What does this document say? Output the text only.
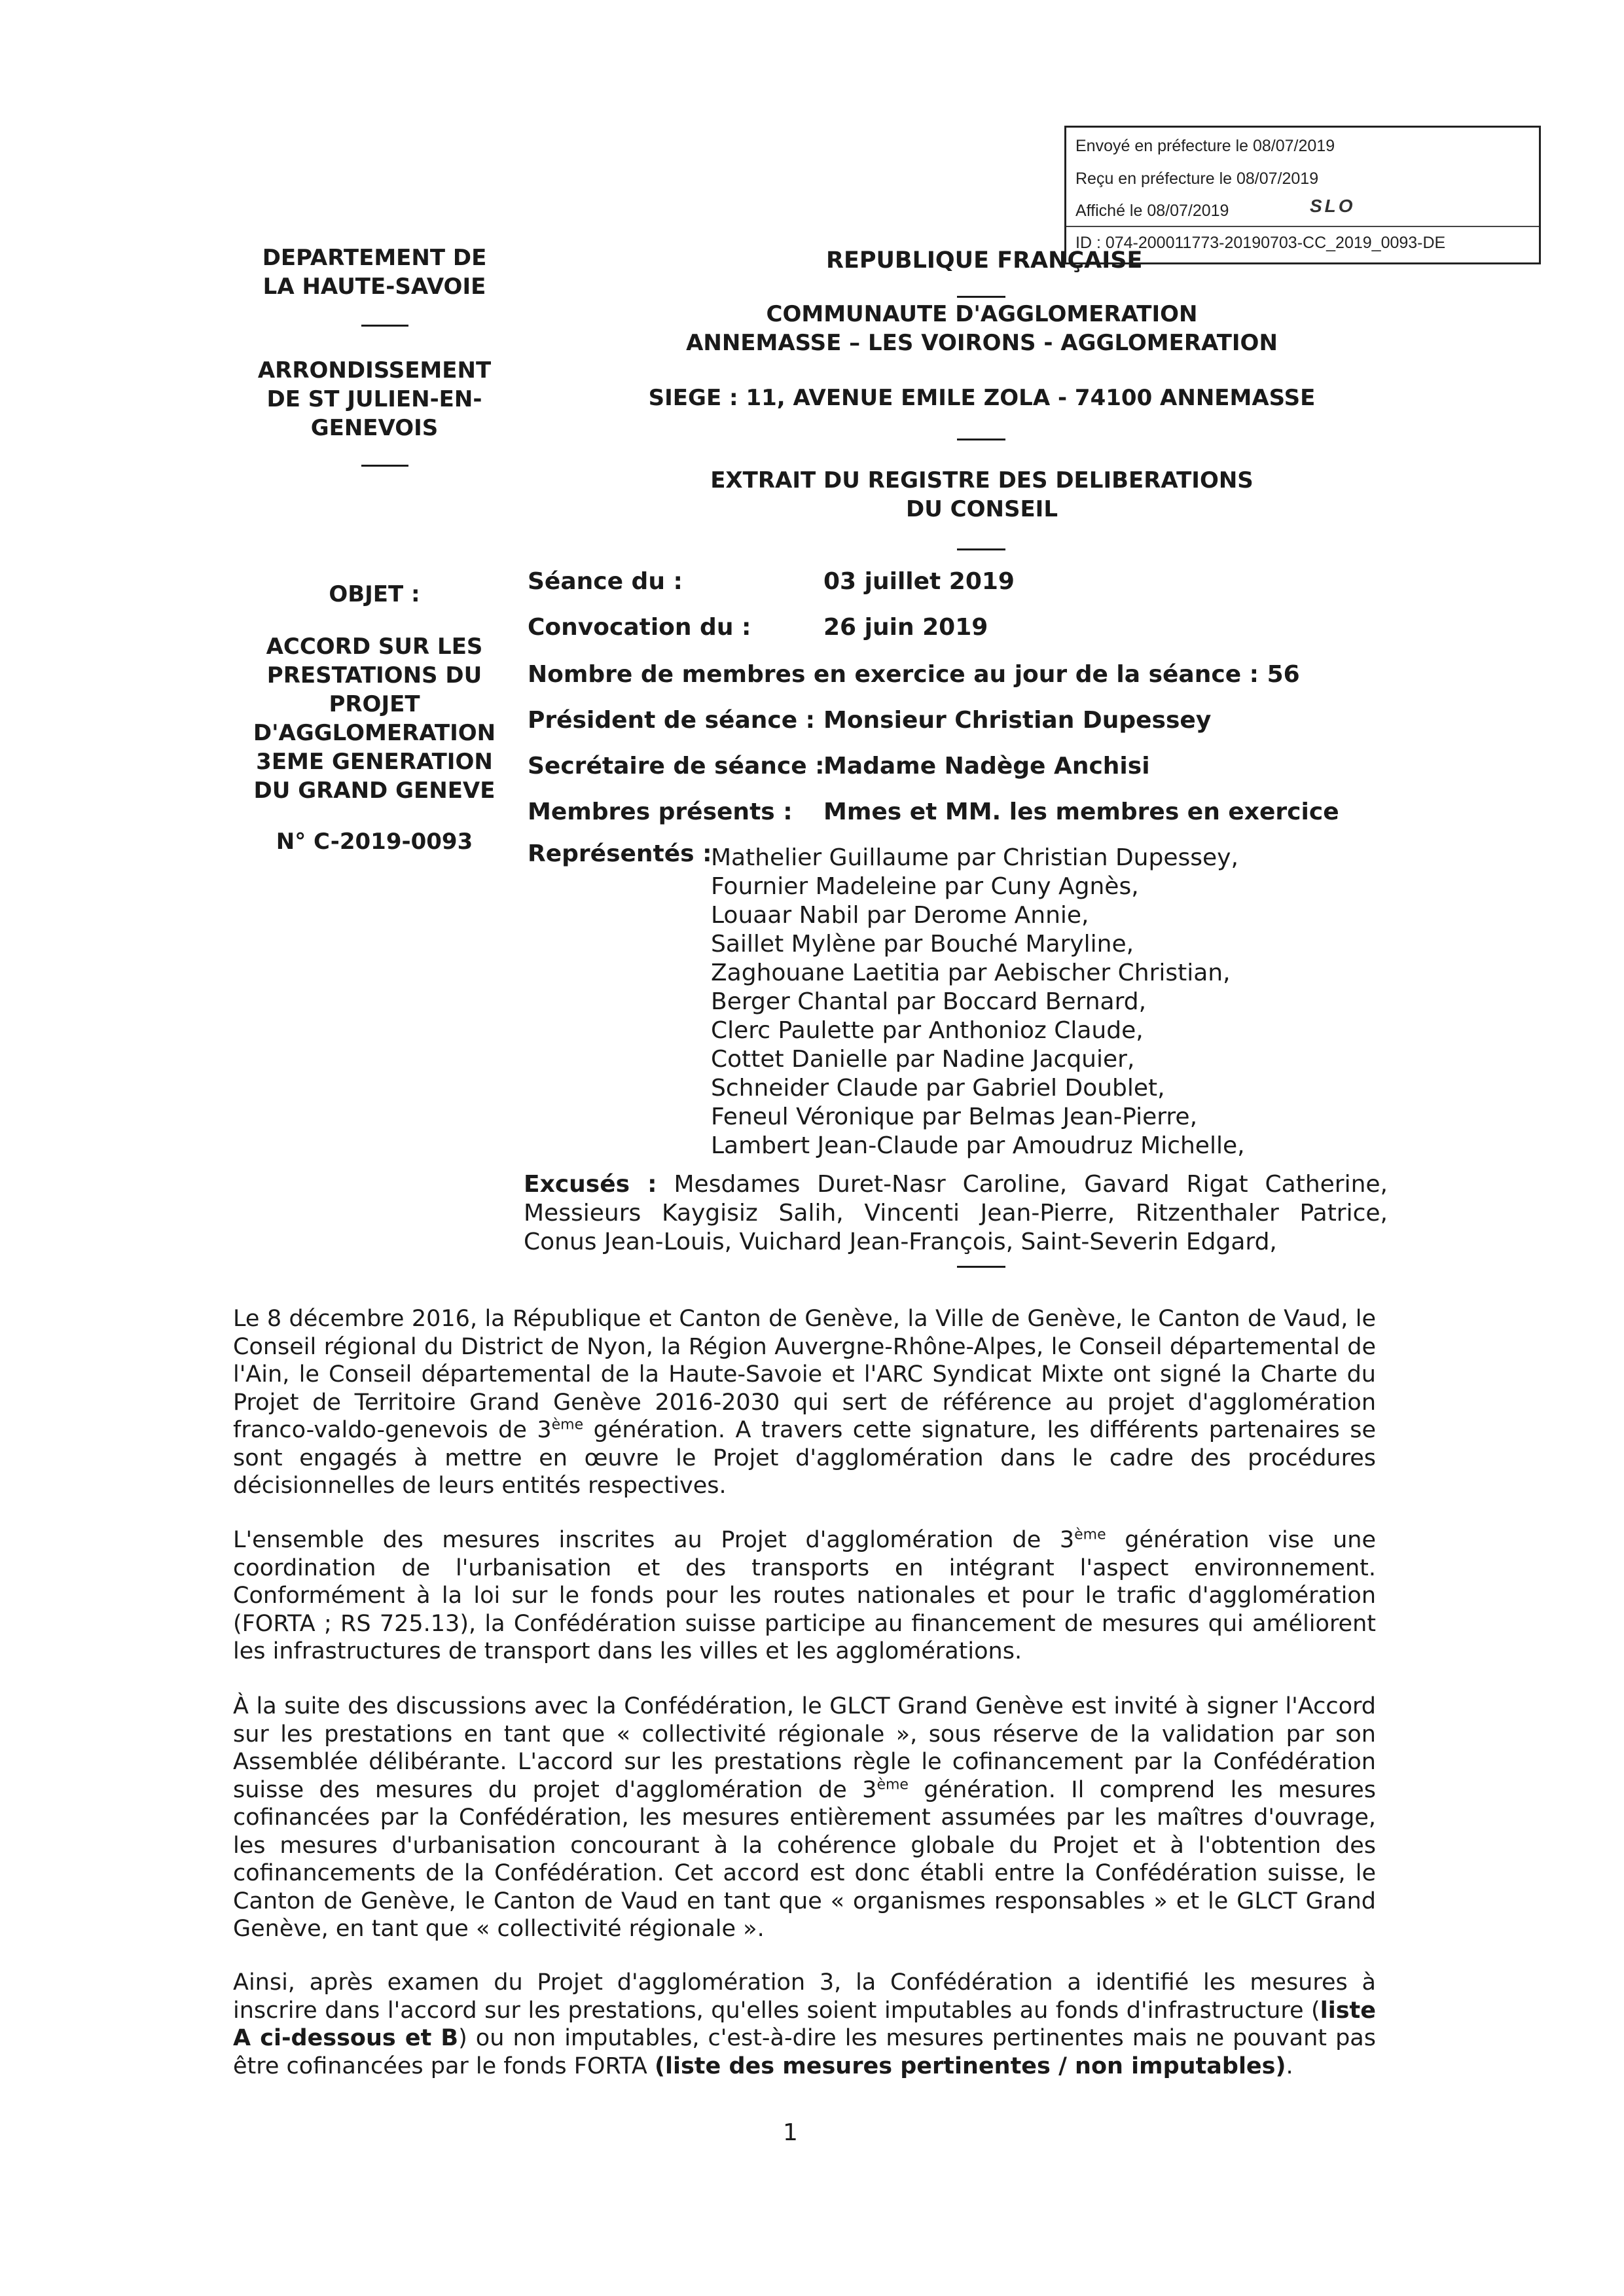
Envoyé en préfecture le 08/07/2019
Reçu en préfecture le 08/07/2019
Affiché le 08/07/2019	SLO
ID : 074-200011773-20190703-CC_2019_0093-DE
DEPARTEMENT DE
LA HAUTE-SAVOIE
ARRONDISSEMENT
DE ST JULIEN-EN-
GENEVOIS
OBJET :
ACCORD SUR LES
PRESTATIONS DU
PROJET
D'AGGLOMERATION
3EME GENERATION
DU GRAND GENEVE
N° C-2019-0093
REPUBLIQUE FRANÇAISE
COMMUNAUTE D'AGGLOMERATION
ANNEMASSE – LES VOIRONS - AGGLOMERATION
SIEGE : 11, AVENUE EMILE ZOLA - 74100 ANNEMASSE
EXTRAIT DU REGISTRE DES DELIBERATIONS
DU CONSEIL
Séance du :	03 juillet 2019
Convocation du :	26 juin 2019
Nombre de membres en exercice au jour de la séance : 56
Président de séance : Monsieur Christian Dupessey
Secrétaire de séance :
Madame Nadège Anchisi
Membres présents : Mmes et MM. les membres en exercice
Représentés :
Mathelier Guillaume par Christian Dupessey,
Fournier Madeleine par Cuny Agnès,
Louaar Nabil par Derome Annie,
Saillet Mylène par Bouché Maryline,
Zaghouane Laetitia par Aebischer Christian,
Berger Chantal par Boccard Bernard,
Clerc Paulette par Anthonioz Claude,
Cottet Danielle par Nadine Jacquier,
Schneider Claude par Gabriel Doublet,
Feneul Véronique par Belmas Jean-Pierre,
Lambert Jean-Claude par Amoudruz Michelle,
Excusés : Mesdames Duret-Nasr Caroline, Gavard Rigat Catherine, Messieurs Kaygisiz Salih, Vincenti Jean-Pierre, Ritzenthaler Patrice, Conus Jean-Louis, Vuichard Jean-François, Saint-Severin Edgard,

Le 8 décembre 2016, la République et Canton de Genève, la Ville de Genève, le Canton de Vaud, le Conseil régional du District de Nyon, la Région Auvergne-Rhône-Alpes, le Conseil départemental de l'Ain, le Conseil départemental de la Haute-Savoie et l'ARC Syndicat Mixte ont signé la Charte du Projet de Territoire Grand Genève 2016-2030 qui sert de référence au projet d'agglomération franco-valdo-genevois de 3ème génération. A travers cette signature, les différents partenaires se sont engagés à mettre en œuvre le Projet d'agglomération dans le cadre des procédures décisionnelles de leurs entités respectives.

L'ensemble des mesures inscrites au Projet d'agglomération de 3ème génération vise une coordination de l'urbanisation et des transports en intégrant l'aspect environnement. Conformément à la loi sur le fonds pour les routes nationales et pour le trafic d'agglomération (FORTA ; RS 725.13), la Confédération suisse participe au financement de mesures qui améliorent les infrastructures de transport dans les villes et les agglomérations.

À la suite des discussions avec la Confédération, le GLCT Grand Genève est invité à signer l'Accord sur les prestations en tant que « collectivité régionale », sous réserve de la validation par son Assemblée délibérante. L'accord sur les prestations règle le cofinancement par la Confédération suisse des mesures du projet d'agglomération de 3ème génération. Il comprend les mesures cofinancées par la Confédération, les mesures entièrement assumées par les maîtres d'ouvrage, les mesures d'urbanisation concourant à la cohérence globale du Projet et à l'obtention des cofinancements de la Confédération. Cet accord est donc établi entre la Confédération suisse, le Canton de Genève, le Canton de Vaud en tant que « organismes responsables » et le GLCT Grand Genève, en tant que « collectivité régionale ».

Ainsi, après examen du Projet d'agglomération 3, la Confédération a identifié les mesures à inscrire dans l'accord sur les prestations, qu'elles soient imputables au fonds d'infrastructure (liste A ci-dessous et B) ou non imputables, c'est-à-dire les mesures pertinentes mais ne pouvant pas être cofinancées par le fonds FORTA (liste des mesures pertinentes / non imputables).

1
